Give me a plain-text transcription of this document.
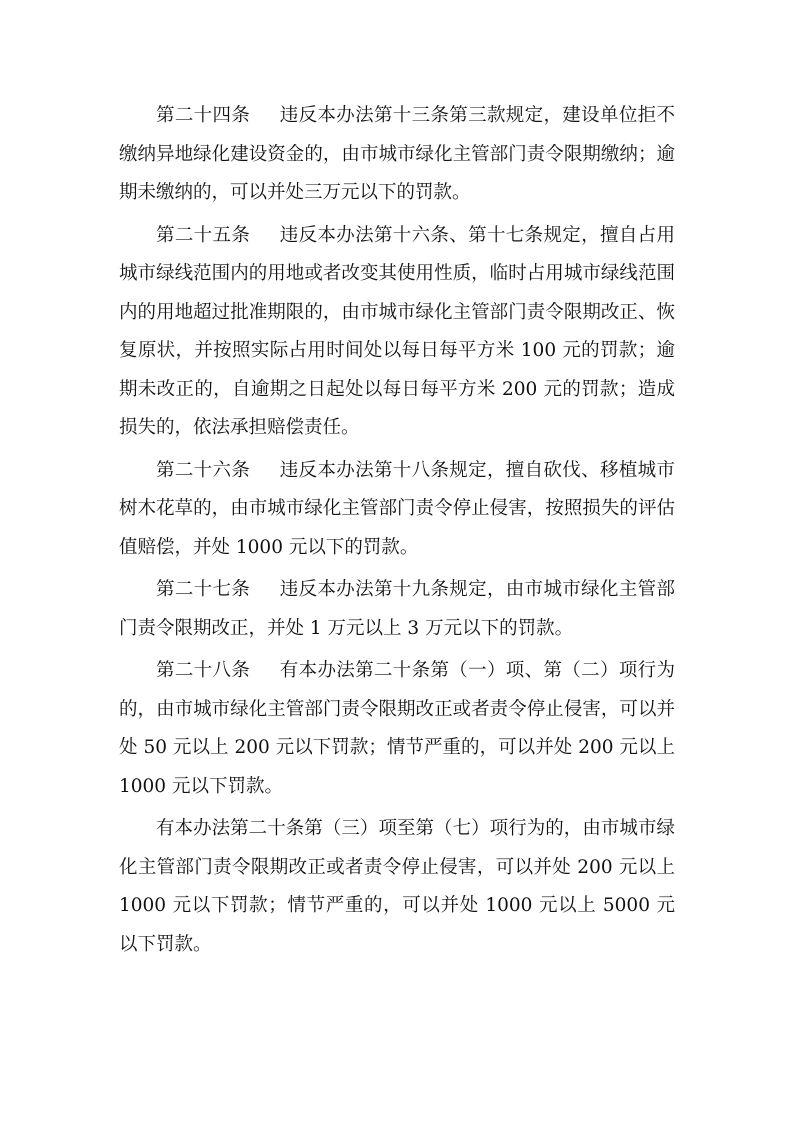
第二十四条 违反本办法第十三条第三款规定，建设单位拒不缴纳异地绿化建设资金的，由市城市绿化主管部门责令限期缴纳；逾期未缴纳的，可以并处三万元以下的罚款。

第二十五条 违反本办法第十六条、第十七条规定，擅自占用城市绿线范围内的用地或者改变其使用性质，临时占用城市绿线范围内的用地超过批准期限的，由市城市绿化主管部门责令限期改正、恢复原状，并按照实际占用时间处以每日每平方米 100 元的罚款；逾期未改正的，自逾期之日起处以每日每平方米 200 元的罚款；造成损失的，依法承担赔偿责任。

第二十六条 违反本办法第十八条规定，擅自砍伐、移植城市树木花草的，由市城市绿化主管部门责令停止侵害，按照损失的评估值赔偿，并处 1000 元以下的罚款。

第二十七条 违反本办法第十九条规定，由市城市绿化主管部门责令限期改正，并处 1 万元以上 3 万元以下的罚款。

第二十八条 有本办法第二十条第（一）项、第（二）项行为的，由市城市绿化主管部门责令限期改正或者责令停止侵害，可以并处 50 元以上 200 元以下罚款；情节严重的，可以并处 200 元以上 1000 元以下罚款。

有本办法第二十条第（三）项至第（七）项行为的，由市城市绿化主管部门责令限期改正或者责令停止侵害，可以并处 200 元以上 1000 元以下罚款；情节严重的，可以并处 1000 元以上 5000 元以下罚款。
